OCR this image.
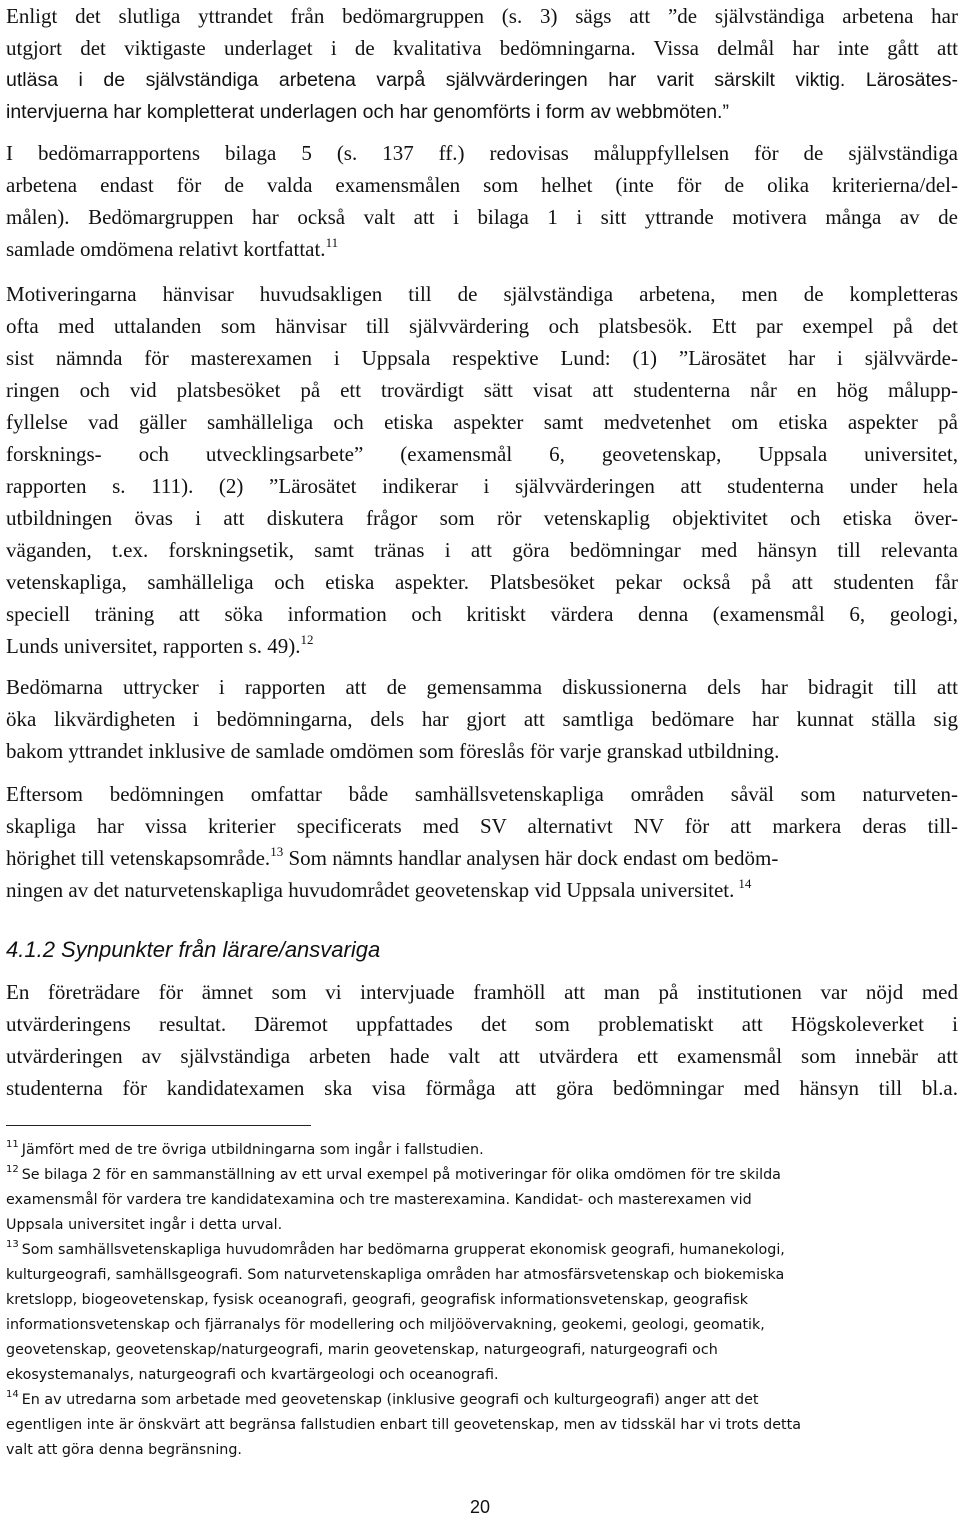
Enligt det slutliga yttrandet från bedömargruppen (s. 3) sägs att ”de självständiga arbetena har
utgjort det viktigaste underlaget i de kvalitativa bedömningarna. Vissa delmål har inte gått att
utläsa i de självständiga arbetena varpå självvärderingen har varit särskilt viktig. Lärosätes-
intervjuerna har kompletterat underlagen och har genomförts i form av webbmöten.”

I bedömarrapportens bilaga 5 (s. 137 ff.) redovisas måluppfyllelsen för de självständiga
arbetena endast för de valda examensmålen som helhet (inte för de olika kriterierna/del-
målen). Bedömargruppen har också valt att i bilaga 1 i sitt yttrande motivera många av de
samlade omdömena relativt kortfattat.$^{11}$

Motiveringarna hänvisar huvudsakligen till de självständiga arbetena, men de kompletteras
ofta med uttalanden som hänvisar till självvärdering och platsbesök. Ett par exempel på det
sist nämnda för masterexamen i Uppsala respektive Lund: (1) ”Lärosätet har i självvärde-
ringen och vid platsbesöket på ett trovärdigt sätt visat att studenterna når en hög målupp-
fyllelse vad gäller samhälleliga och etiska aspekter samt medvetenhet om etiska aspekter på
forsknings- och utvecklingsarbete” (examensmål 6, geovetenskap, Uppsala universitet,
rapporten s. 111). (2) ”Lärosätet indikerar i självvärderingen att studenterna under hela
utbildningen övas i att diskutera frågor som rör vetenskaplig objektivitet och etiska över-
väganden, t.ex. forskningsetik, samt tränas i att göra bedömningar med hänsyn till relevanta
vetenskapliga, samhälleliga och etiska aspekter. Platsbesöket pekar också på att studenten får
speciell träning att söka information och kritiskt värdera denna (examensmål 6, geologi,
Lunds universitet, rapporten s. 49).$^{12}$

Bedömarna uttrycker i rapporten att de gemensamma diskussionerna dels har bidragit till att
öka likvärdigheten i bedömningarna, dels har gjort att samtliga bedömare har kunnat ställa sig
bakom yttrandet inklusive de samlade omdömen som föreslås för varje granskad utbildning.

Eftersom bedömningen omfattar både samhällsvetenskapliga områden såväl som naturveten-
skapliga har vissa kriterier specificerats med SV alternativt NV för att markera deras till-
hörighet till vetenskapsområde.$^{13}$ Som nämnts handlar analysen här dock endast om bedöm-
ningen av det naturvetenskapliga huvudområdet geovetenskap vid Uppsala universitet. $^{14}$

4.1.2 Synpunkter från lärare/ansvariga

En företrädare för ämnet som vi intervjuade framhöll att man på institutionen var nöjd med
utvärderingens resultat. Däremot uppfattades det som problematiskt att Högskoleverket i
utvärderingen av självständiga arbeten hade valt att utvärdera ett examensmål som innebär att
studenterna för kandidatexamen ska visa förmåga att göra bedömningar med hänsyn till bl.a.

$^{11}$ Jämfört med de tre övriga utbildningarna som ingår i fallstudien.
$^{12}$ Se bilaga 2 för en sammanställning av ett urval exempel på motiveringar för olika omdömen för tre skilda
examensmål för vardera tre kandidatexamina och tre masterexamina. Kandidat- och masterexamen vid
Uppsala universitet ingår i detta urval.
$^{13}$ Som samhällsvetenskapliga huvudområden har bedömarna grupperat ekonomisk geografi, humanekologi,
kulturgeografi, samhällsgeografi. Som naturvetenskapliga områden har atmosfärsvetenskap och biokemiska
kretslopp, biogeovetenskap, fysisk oceanografi, geografi, geografisk informationsvetenskap, geografisk
informationsvetenskap och fjärranalys för modellering och miljöövervakning, geokemi, geologi, geomatik,
geovetenskap, geovetenskap/naturgeografi, marin geovetenskap, naturgeografi, naturgeografi och
ekosystemanalys, naturgeografi och kvartärgeologi och oceanografi.
$^{14}$ En av utredarna som arbetade med geovetenskap (inklusive geografi och kulturgeografi) anger att det
egentligen inte är önskvärt att begränsa fallstudien enbart till geovetenskap, men av tidsskäl har vi trots detta
valt att göra denna begränsning.
20
